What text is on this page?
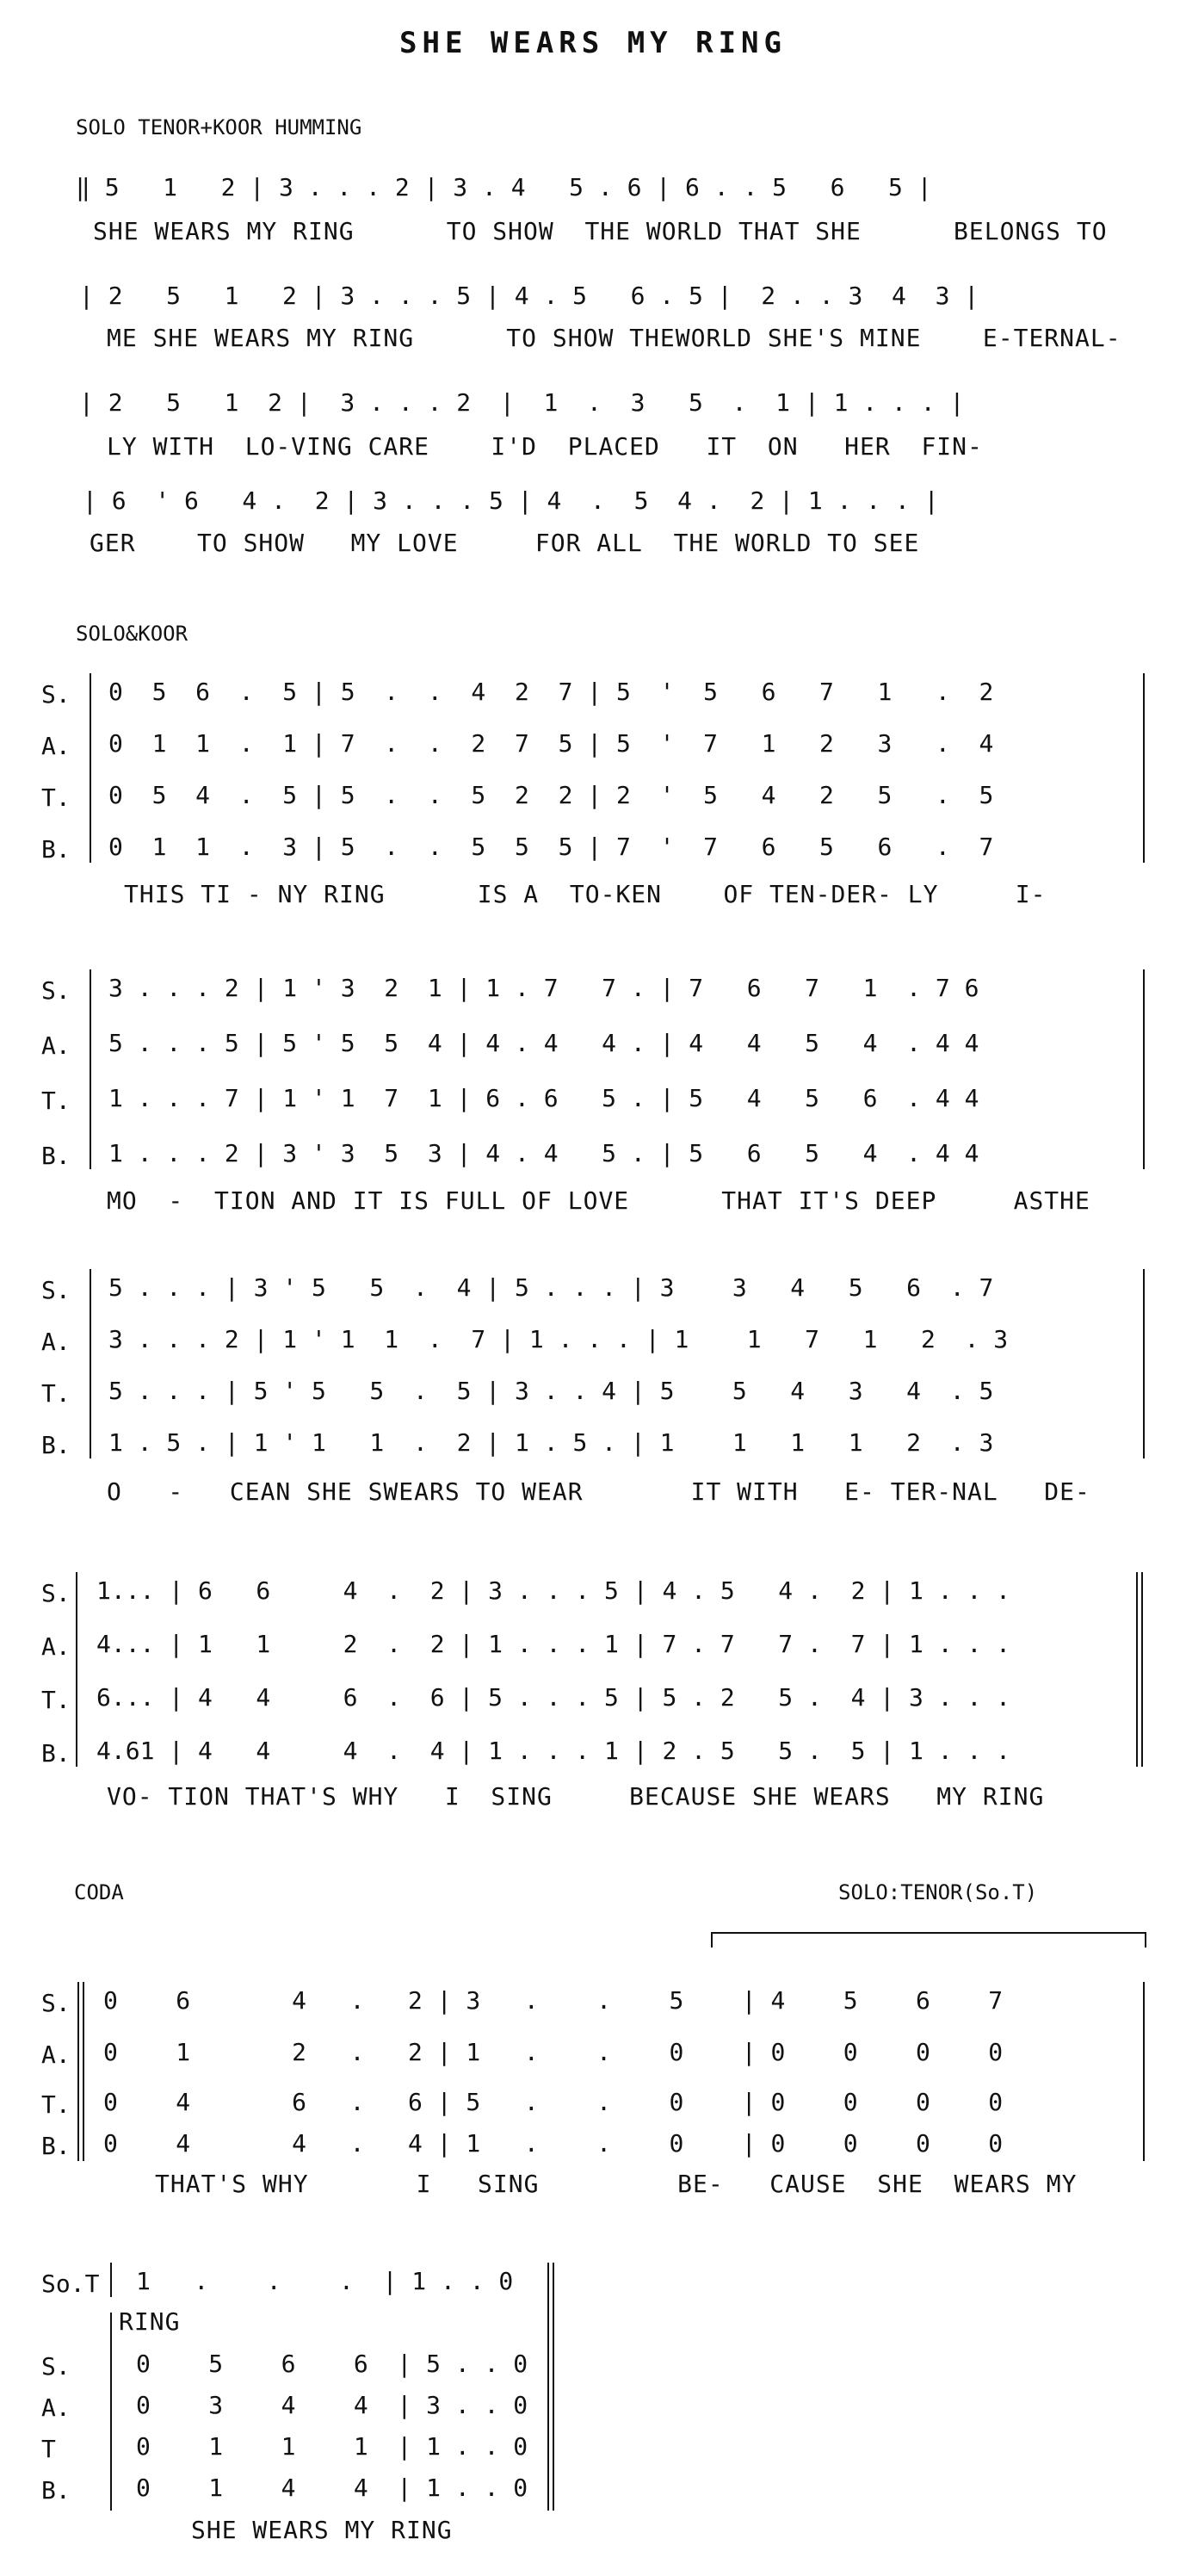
SHE WEARS MY RING
SOLO TENOR+KOOR HUMMING
‖ 5   1   2 | 3 . . . 2 | 3 . 4   5 . 6 | 6 . . 5   6   5 |
SHE WEARS MY RING      TO SHOW  THE WORLD THAT SHE      BELONGS TO
| 2   5   1   2 | 3 . . . 5 | 4 . 5   6 . 5 |  2 . . 3  4  3 |
ME SHE WEARS MY RING      TO SHOW THEWORLD SHE'S MINE    E-TERNAL-
| 2   5   1  2 |  3 . . . 2  |  1  .  3   5  .  1 | 1 . . . |
LY WITH  LO-VING CARE    I'D  PLACED   IT  ON   HER  FIN-
| 6  ' 6   4 .  2 | 3 . . . 5 | 4  .  5  4 .  2 | 1 . . . |
GER    TO SHOW   MY LOVE     FOR ALL  THE WORLD TO SEE
SOLO&KOOR
S.
A.
T.
B.
0  5  6  .  5 | 5  .  .  4  2  7 | 5  '  5   6   7   1   .  2
0  1  1  .  1 | 7  .  .  2  7  5 | 5  '  7   1   2   3   .  4
0  5  4  .  5 | 5  .  .  5  2  2 | 2  '  5   4   2   5   .  5
0  1  1  .  3 | 5  .  .  5  5  5 | 7  '  7   6   5   6   .  7
THIS TI - NY RING      IS A  TO-KEN    OF TEN-DER- LY     I-
S.
A.
T.
B.
3 . . . 2 | 1 ' 3  2  1 | 1 . 7   7 . | 7   6   7   1  . 7 6
5 . . . 5 | 5 ' 5  5  4 | 4 . 4   4 . | 4   4   5   4  . 4 4
1 . . . 7 | 1 ' 1  7  1 | 6 . 6   5 . | 5   4   5   6  . 4 4
1 . . . 2 | 3 ' 3  5  3 | 4 . 4   5 . | 5   6   5   4  . 4 4
MO  -  TION AND IT IS FULL OF LOVE      THAT IT'S DEEP     ASTHE
S.
A.
T.
B.
5 . . . | 3 ' 5   5  .  4 | 5 . . . | 3    3   4   5   6  . 7
3 . . . 2 | 1 ' 1  1  .  7 | 1 . . . | 1    1   7   1   2  . 3
5 . . . | 5 ' 5   5  .  5 | 3 . . 4 | 5    5   4   3   4  . 5
1 . 5 . | 1 ' 1   1  .  2 | 1 . 5 . | 1    1   1   1   2  . 3
O   -   CEAN SHE SWEARS TO WEAR       IT WITH   E- TER-NAL   DE-
S.
A.
T.
B.
1... | 6   6     4  .  2 | 3 . . . 5 | 4 . 5   4 .  2 | 1 . . .
4... | 1   1     2  .  2 | 1 . . . 1 | 7 . 7   7 .  7 | 1 . . .
6... | 4   4     6  .  6 | 5 . . . 5 | 5 . 2   5 .  4 | 3 . . .
4.61 | 4   4     4  .  4 | 1 . . . 1 | 2 . 5   5 .  5 | 1 . . .
VO- TION THAT'S WHY   I  SING     BECAUSE SHE WEARS   MY RING
CODA	SOLO:TENOR(So.T)
S.
A.
T.
B.
0    6       4   .   2 | 3   .    .    5    | 4    5    6    7
0    1       2   .   2 | 1   .    .    0    | 0    0    0    0
0    4       6   .   6 | 5   .    .    0    | 0    0    0    0
0    4       4   .   4 | 1   .    .    0    | 0    0    0    0
THAT'S WHY       I   SING         BE-   CAUSE  SHE  WEARS MY
So.T 1   .    .    .  | 1 . . 0
RING
S.
A.
T
B.
0    5    6    6  | 5 . . 0
0    3    4    4  | 3 . . 0
0    1    1    1  | 1 . . 0
0    1    4    4  | 1 . . 0
SHE WEARS MY RING
